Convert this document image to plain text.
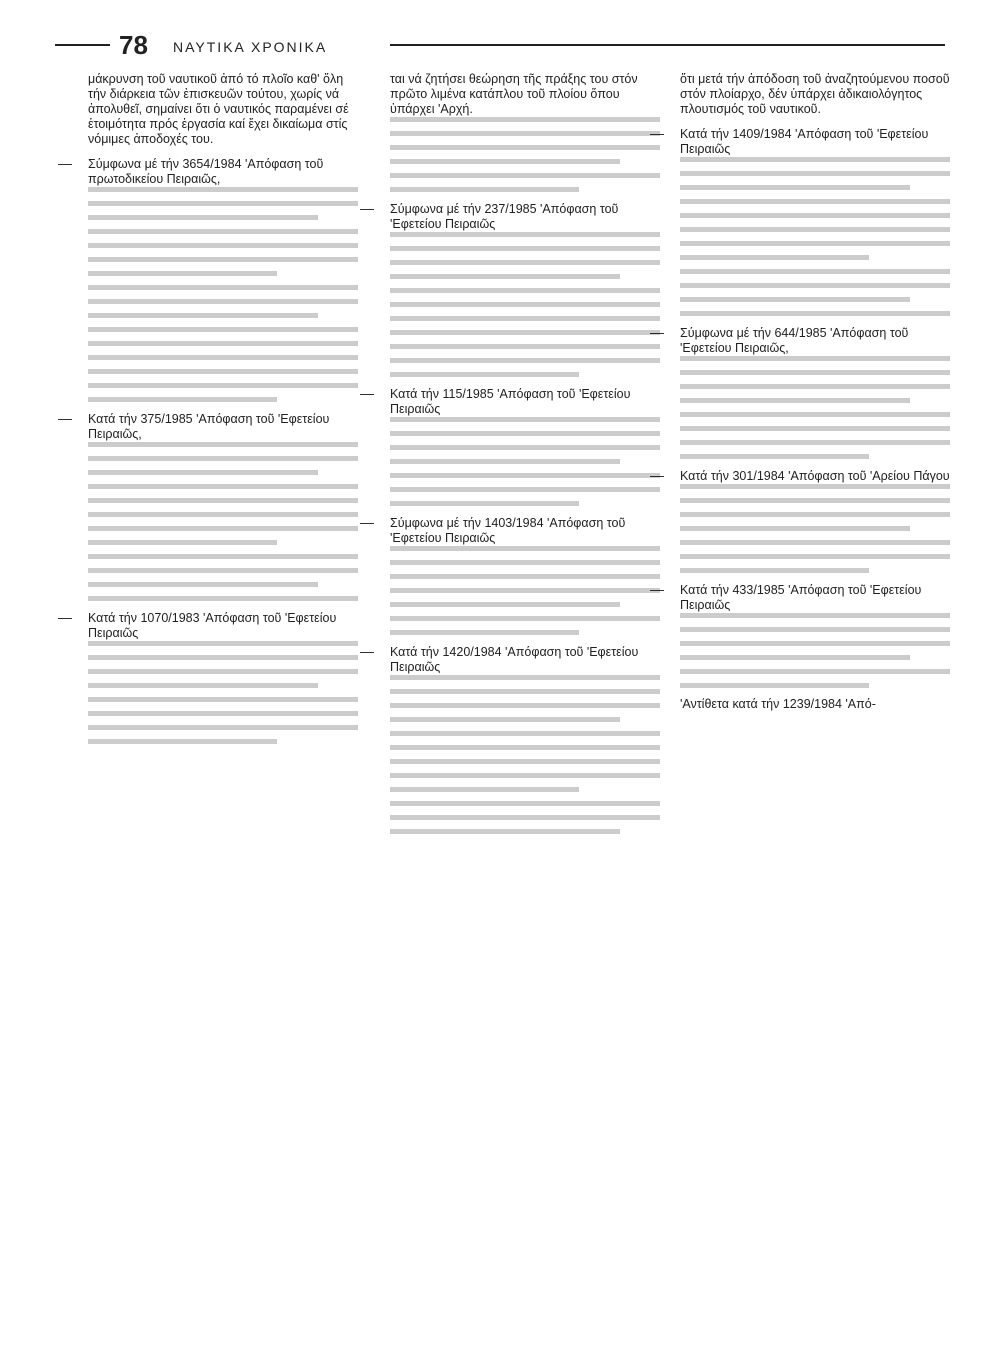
78 ΝΑΥΤΙΚΑ ΧΡΟΝΙΚΑ
μάκρυνση τοῦ ναυτικοῦ ἀπό τό πλοῖο καθ' ὅλη τήν διάρκεια τῶν ἐπισκευῶν τούτου, χωρίς νά ἀπολυθεῖ, σημαίνει ὅτι ὁ ναυτικός παραμένει σέ ἑτοιμότητα πρός ἐργασία καί ἔχει δικαίωμα στίς νόμιμες ἀποδοχές του.
— Σύμφωνα μέ τήν 3654/1984 'Απόφαση τοῦ πρωτοδικείου Πειραιῶς,
— Κατά τήν 375/1985 'Απόφαση τοῦ 'Εφετείου Πειραιῶς,
— Κατά τήν 1070/1983 'Απόφαση τοῦ 'Εφετείου Πειραιῶς
ται νά ζητήσει θεώρηση τῆς πράξης του στόν πρῶτο λιμένα κατάπλου τοῦ πλοίου ὅπου ὑπάρχει 'Αρχή.
— Σύμφωνα μέ τήν 237/1985 'Απόφαση τοῦ 'Εφετείου Πειραιῶς
— Κατά τήν 115/1985 'Απόφαση τοῦ 'Εφετείου Πειραιῶς
— Σύμφωνα μέ τήν 1403/1984 'Απόφαση τοῦ 'Εφετείου Πειραιῶς
— Κατά τήν 1420/1984 'Απόφαση τοῦ 'Εφετείου Πειραιῶς
ὅτι μετά τήν ἀπόδοση τοῦ ἀναζητούμενου ποσοῦ στόν πλοίαρχο, δέν ὑπάρχει ἀδικαιολόγητος πλουτισμός τοῦ ναυτικοῦ.
— Κατά τήν 1409/1984 'Απόφαση τοῦ 'Εφετείου Πειραιῶς
— Σύμφωνα μέ τήν 644/1985 'Απόφαση τοῦ 'Εφετείου Πειραιῶς,
— Κατά τήν 301/1984 'Απόφαση τοῦ 'Αρείου Πάγου
— Κατά τήν 433/1985 'Απόφαση τοῦ 'Εφετείου Πειραιῶς
'Αντίθετα κατά τήν 1239/1984 'Από-
